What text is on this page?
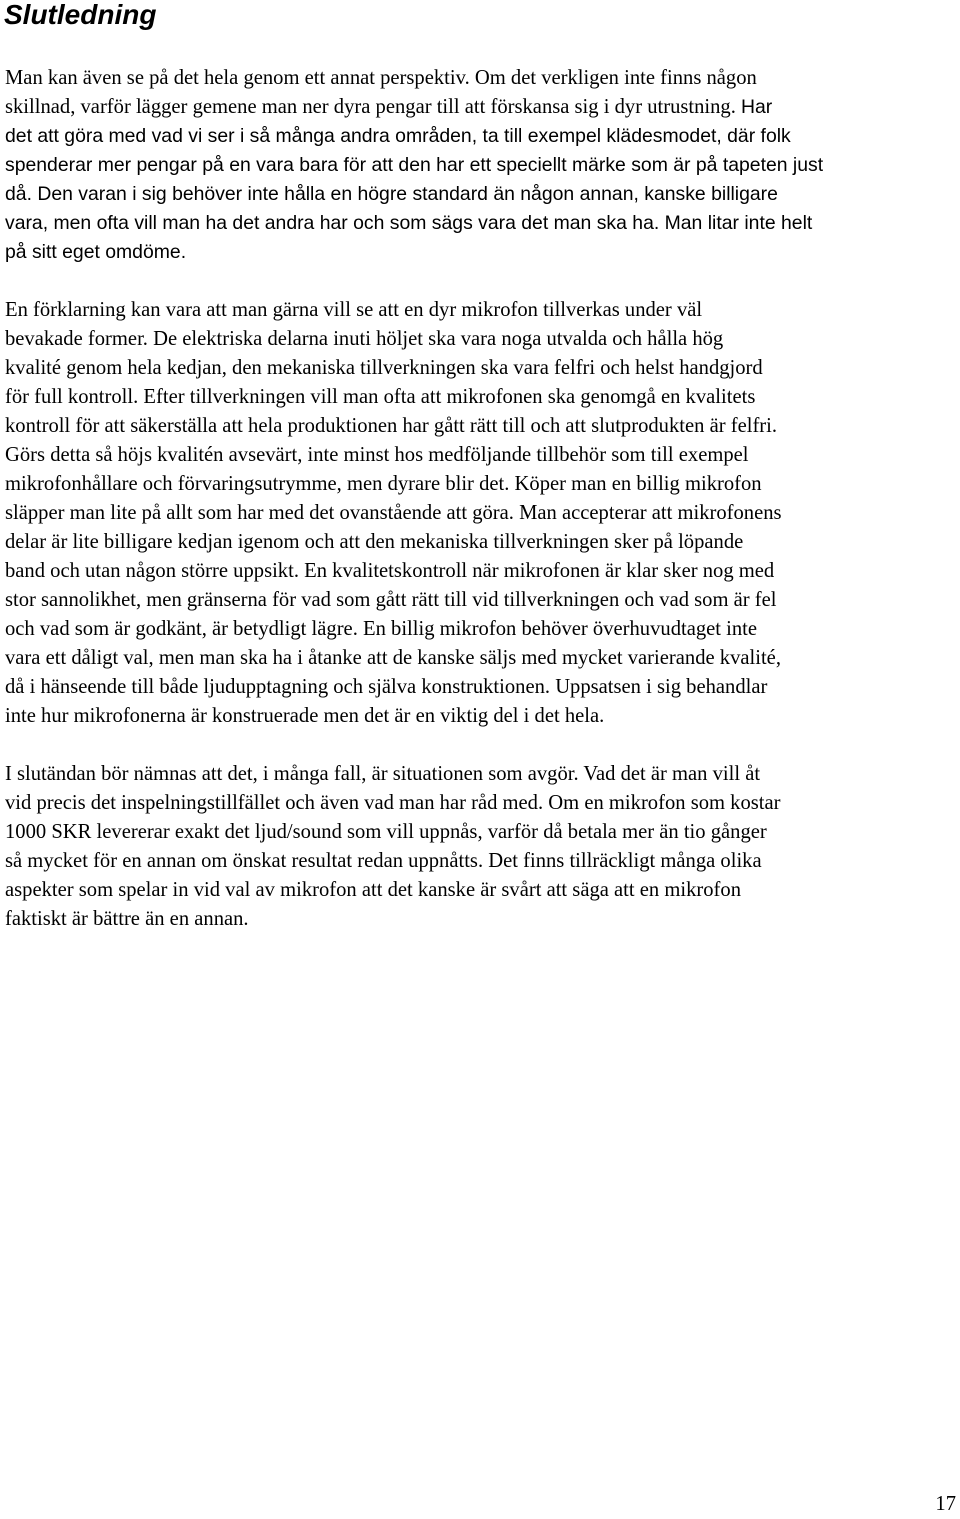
Slutledning

Man kan även se på det hela genom ett annat perspektiv. Om det verkligen inte finns någon
skillnad, varför lägger gemene man ner dyra pengar till att förskansa sig i dyr utrustning. Har
det att göra med vad vi ser i så många andra områden, ta till exempel klädesmodet, där folk
spenderar mer pengar på en vara bara för att den har ett speciellt märke som är på tapeten just
då. Den varan i sig behöver inte hålla en högre standard än någon annan, kanske billigare
vara, men ofta vill man ha det andra har och som sägs vara det man ska ha. Man litar inte helt
på sitt eget omdöme.

En förklarning kan vara att man gärna vill se att en dyr mikrofon tillverkas under väl
bevakade former. De elektriska delarna inuti höljet ska vara noga utvalda och hålla hög
kvalité genom hela kedjan, den mekaniska tillverkningen ska vara felfri och helst handgjord
för full kontroll. Efter tillverkningen vill man ofta att mikrofonen ska genomgå en kvalitets
kontroll för att säkerställa att hela produktionen har gått rätt till och att slutprodukten är felfri.
Görs detta så höjs kvalitén avsevärt, inte minst hos medföljande tillbehör som till exempel
mikrofonhållare och förvaringsutrymme, men dyrare blir det. Köper man en billig mikrofon
släpper man lite på allt som har med det ovanstående att göra. Man accepterar att mikrofonens
delar är lite billigare kedjan igenom och att den mekaniska tillverkningen sker på löpande
band och utan någon större uppsikt. En kvalitetskontroll när mikrofonen är klar sker nog med
stor sannolikhet, men gränserna för vad som gått rätt till vid tillverkningen och vad som är fel
och vad som är godkänt, är betydligt lägre. En billig mikrofon behöver överhuvudtaget inte
vara ett dåligt val, men man ska ha i åtanke att de kanske säljs med mycket varierande kvalité,
då i hänseende till både ljudupptagning och själva konstruktionen. Uppsatsen i sig behandlar
inte hur mikrofonerna är konstruerade men det är en viktig del i det hela.

I slutändan bör nämnas att det, i många fall, är situationen som avgör. Vad det är man vill åt
vid precis det inspelningstillfället och även vad man har råd med. Om en mikrofon som kostar
1000 SKR levererar exakt det ljud/sound som vill uppnås, varför då betala mer än tio gånger
så mycket för en annan om önskat resultat redan uppnåtts. Det finns tillräckligt många olika
aspekter som spelar in vid val av mikrofon att det kanske är svårt att säga att en mikrofon
faktiskt är bättre än en annan.

17
